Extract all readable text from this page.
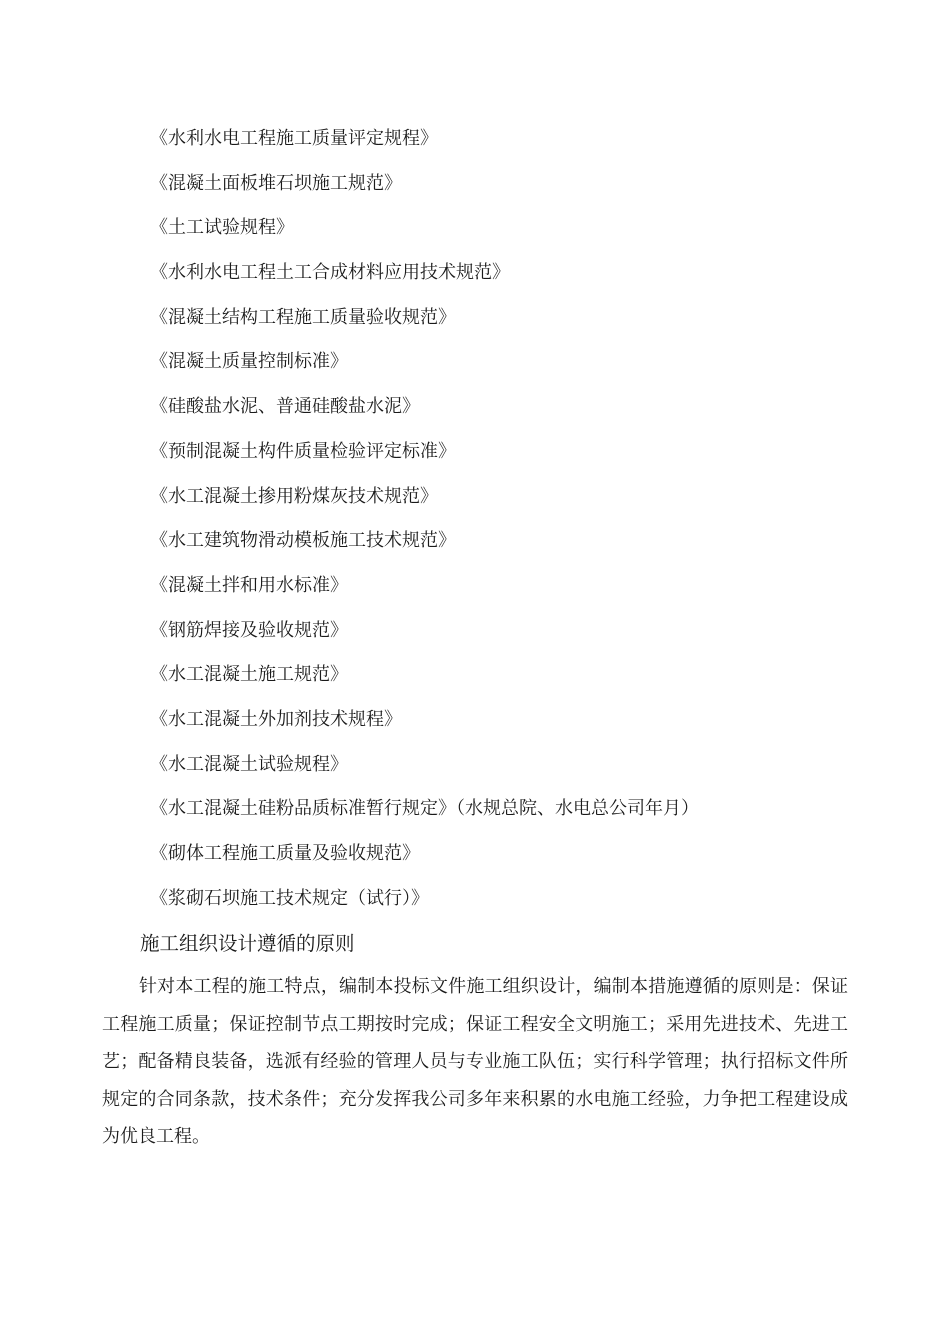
《水利水电工程施工质量评定规程》
《混凝土面板堆石坝施工规范》
《土工试验规程》
《水利水电工程土工合成材料应用技术规范》
《混凝土结构工程施工质量验收规范》
《混凝土质量控制标准》
《硅酸盐水泥、普通硅酸盐水泥》
《预制混凝土构件质量检验评定标准》
《水工混凝土掺用粉煤灰技术规范》
《水工建筑物滑动模板施工技术规范》
《混凝土拌和用水标准》
《钢筋焊接及验收规范》
《水工混凝土施工规范》
《水工混凝土外加剂技术规程》
《水工混凝土试验规程》
《水工混凝土硅粉品质标准暂行规定》（水规总院、水电总公司年月）
《砌体工程施工质量及验收规范》
《浆砌石坝施工技术规定（试行）》
施工组织设计遵循的原则

针对本工程的施工特点，编制本投标文件施工组织设计，编制本措施遵循的原则是：保证工程施工质量；保证控制节点工期按时完成；保证工程安全文明施工；采用先进技术、先进工艺；配备精良装备，选派有经验的管理人员与专业施工队伍；实行科学管理；执行招标文件所规定的合同条款，技术条件；充分发挥我公司多年来积累的水电施工经验，力争把工程建设成为优良工程。
